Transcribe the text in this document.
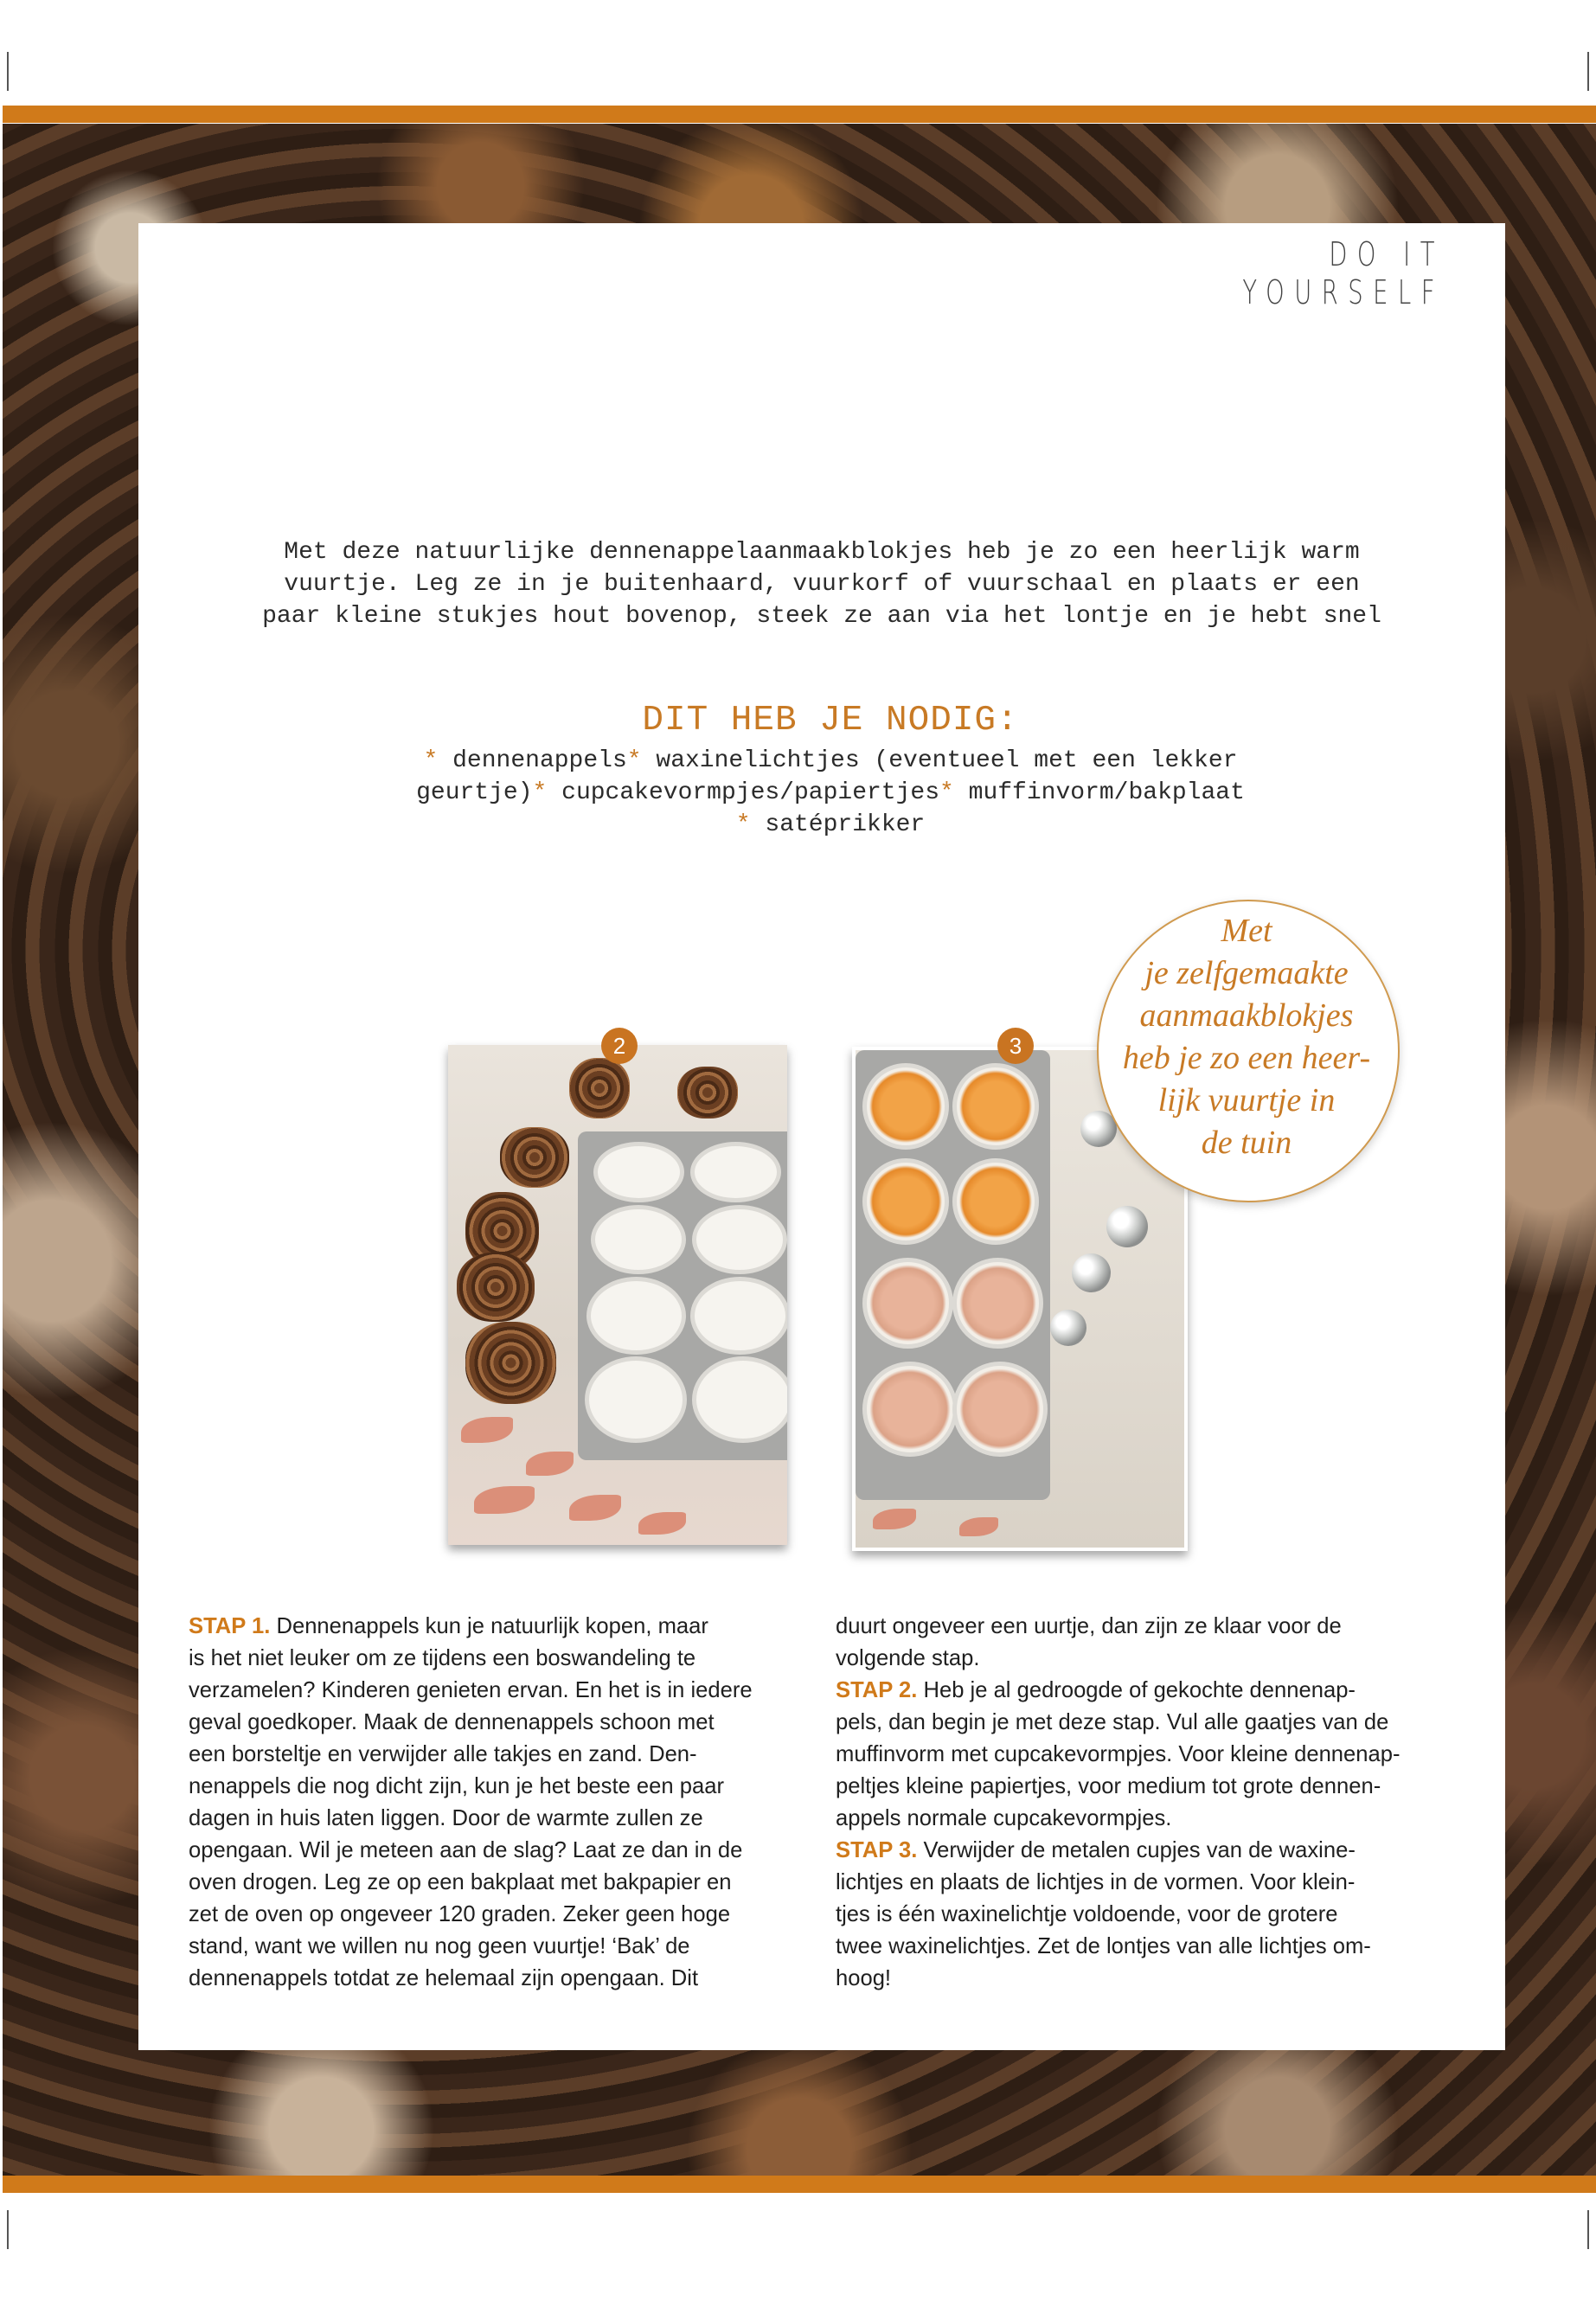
DO IT YOURSELF
Met deze natuurlijke dennenappelaanmaakblokjes heb je zo een heerlijk warm
vuurtje. Leg ze in je buitenhaard, vuurkorf of vuurschaal en plaats er een
paar kleine stukjes hout bovenop, steek ze aan via het lontje en je hebt snel
DIT HEB JE NODIG:
* dennenappels* waxinelichtjes (eventueel met een lekker
geurtje)* cupcakevormpjes/papiertjes* muffinvorm/bakplaat
* satéprikker
2	3
Met
je zelfgemaakte
aanmaakblokjes
heb je zo een heer-
lijk vuurtje in
de tuin
STAP 1. Dennenappels kun je natuurlijk kopen, maar
is het niet leuker om ze tijdens een boswandeling te
verzamelen? Kinderen genieten ervan. En het is in iedere
geval goedkoper. Maak de dennenappels schoon met
een borsteltje en verwijder alle takjes en zand. Den-
nenappels die nog dicht zijn, kun je het beste een paar
dagen in huis laten liggen. Door de warmte zullen ze
opengaan. Wil je meteen aan de slag? Laat ze dan in de
oven drogen. Leg ze op een bakplaat met bakpapier en
zet de oven op ongeveer 120 graden. Zeker geen hoge
stand, want we willen nu nog geen vuurtje! ‘Bak’ de
dennenappels totdat ze helemaal zijn opengaan. Dit
duurt ongeveer een uurtje, dan zijn ze klaar voor de
volgende stap.
STAP 2. Heb je al gedroogde of gekochte dennenap-
pels, dan begin je met deze stap. Vul alle gaatjes van de
muffinvorm met cupcakevormpjes. Voor kleine dennenap-
peltjes kleine papiertjes, voor medium tot grote dennen-
appels normale cupcakevormpjes.
STAP 3. Verwijder de metalen cupjes van de waxine-
lichtjes en plaats de lichtjes in de vormen. Voor klein-
tjes is één waxinelichtje voldoende, voor de grotere
twee waxinelichtjes. Zet de lontjes van alle lichtjes om-
hoog!
